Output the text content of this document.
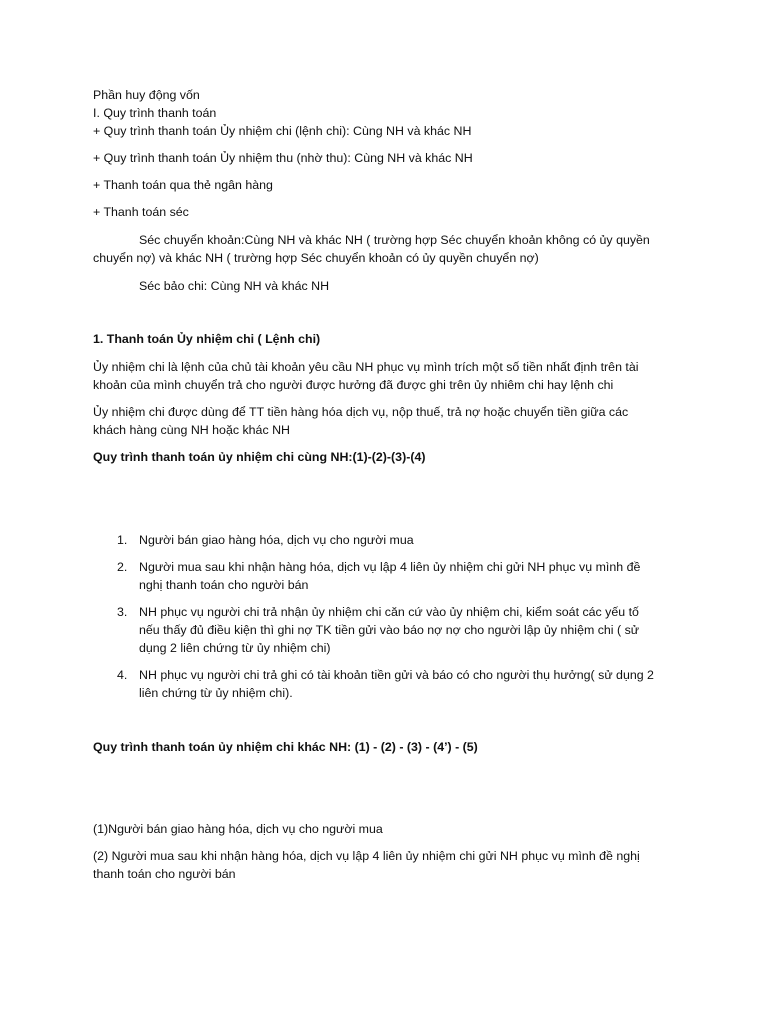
Phần huy động vốn
I. Quy trình thanh toán
+ Quy trình thanh toán Ủy nhiệm chi (lệnh chi): Cùng NH và khác NH
+ Quy trình thanh toán Ủy nhiệm thu (nhờ thu): Cùng NH và khác NH
+ Thanh toán qua thẻ ngân hàng
+ Thanh toán séc
Séc chuyển khoản:Cùng NH và khác NH ( trường hợp Séc chuyển khoản không có ủy quyền
chuyển nợ) và khác NH ( trường hợp Séc chuyển khoản có ủy quyền chuyển nợ)
Séc bảo chi: Cùng NH và khác NH
1. Thanh toán Ủy nhiệm chi ( Lệnh chi)
Ủy nhiệm chi là lệnh của chủ tài khoản yêu cầu NH phục vụ mình trích một số tiền nhất định trên tài
khoản của mình chuyển trả cho người được hưởng đã được ghi trên ủy nhiêm chi hay lệnh chi
Ủy nhiệm chi được dùng để TT tiền hàng hóa dịch vụ, nộp thuế, trả nợ hoặc chuyển tiền giữa các
khách hàng cùng NH hoặc khác NH
Quy trình thanh toán ủy nhiệm chi cùng NH:(1)-(2)-(3)-(4)
1. Người bán giao hàng hóa, dịch vụ cho người mua
2. Người mua sau khi nhận hàng hóa, dịch vụ lập 4 liên ủy nhiệm chi gửi NH phục vụ mình đề
nghị thanh toán cho người bán
3. NH phục vụ người chi trả nhận ủy nhiệm chi căn cứ vào ủy nhiệm chi, kiểm soát các yếu tố
nếu thấy đủ điều kiện thì ghi nợ TK tiền gửi vào báo nợ nợ cho người lập ủy nhiệm chi ( sử
dụng 2 liên chứng từ ủy nhiệm chi)
4. NH phục vụ người chi trả ghi có tài khoản tiền gửi và báo có cho người thụ hưởng( sử dụng 2
liên chứng từ ủy nhiệm chi).
Quy trình thanh toán ủy nhiệm chi khác NH: (1) - (2) - (3) - (4’) - (5)
(1)Người bán giao hàng hóa, dịch vụ cho người mua
(2) Người mua sau khi nhận hàng hóa, dịch vụ lập 4 liên ủy nhiệm chi gửi NH phục vụ mình đề nghị
thanh toán cho người bán
